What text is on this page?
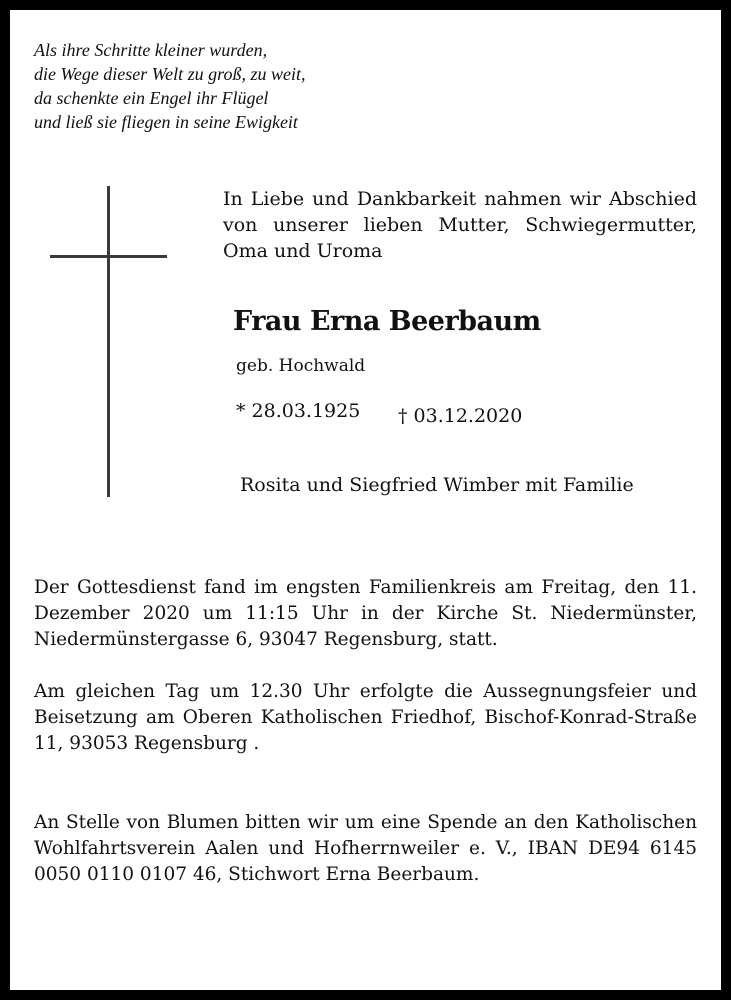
Als ihre Schritte kleiner wurden,
die Wege dieser Welt zu groß, zu weit,
da schenkte ein Engel ihr Flügel
und ließ sie fliegen in seine Ewigkeit
In Liebe und Dankbarkeit nahmen wir Abschied von unserer lieben Mutter, Schwiegermutter, Oma und Uroma
Frau Erna Beerbaum
geb. Hochwald
* 28.03.1925 † 03.12.2020
Rosita und Siegfried Wimber mit Familie
Der Gottesdienst fand im engsten Familienkreis am Freitag, den 11. Dezember 2020 um 11:15 Uhr in der Kirche St. Niedermünster, Niedermünstergasse 6, 93047 Regensburg, statt.
Am gleichen Tag um 12.30 Uhr erfolgte die Aussegnungsfeier und Beisetzung am Oberen Katholischen Friedhof, Bischof-Konrad-Straße 11, 93053 Regensburg .
An Stelle von Blumen bitten wir um eine Spende an den Katholischen Wohlfahrtsverein Aalen und Hofherrnweiler e. V., IBAN DE94 6145 0050 0110 0107 46, Stichwort Erna Beerbaum.
